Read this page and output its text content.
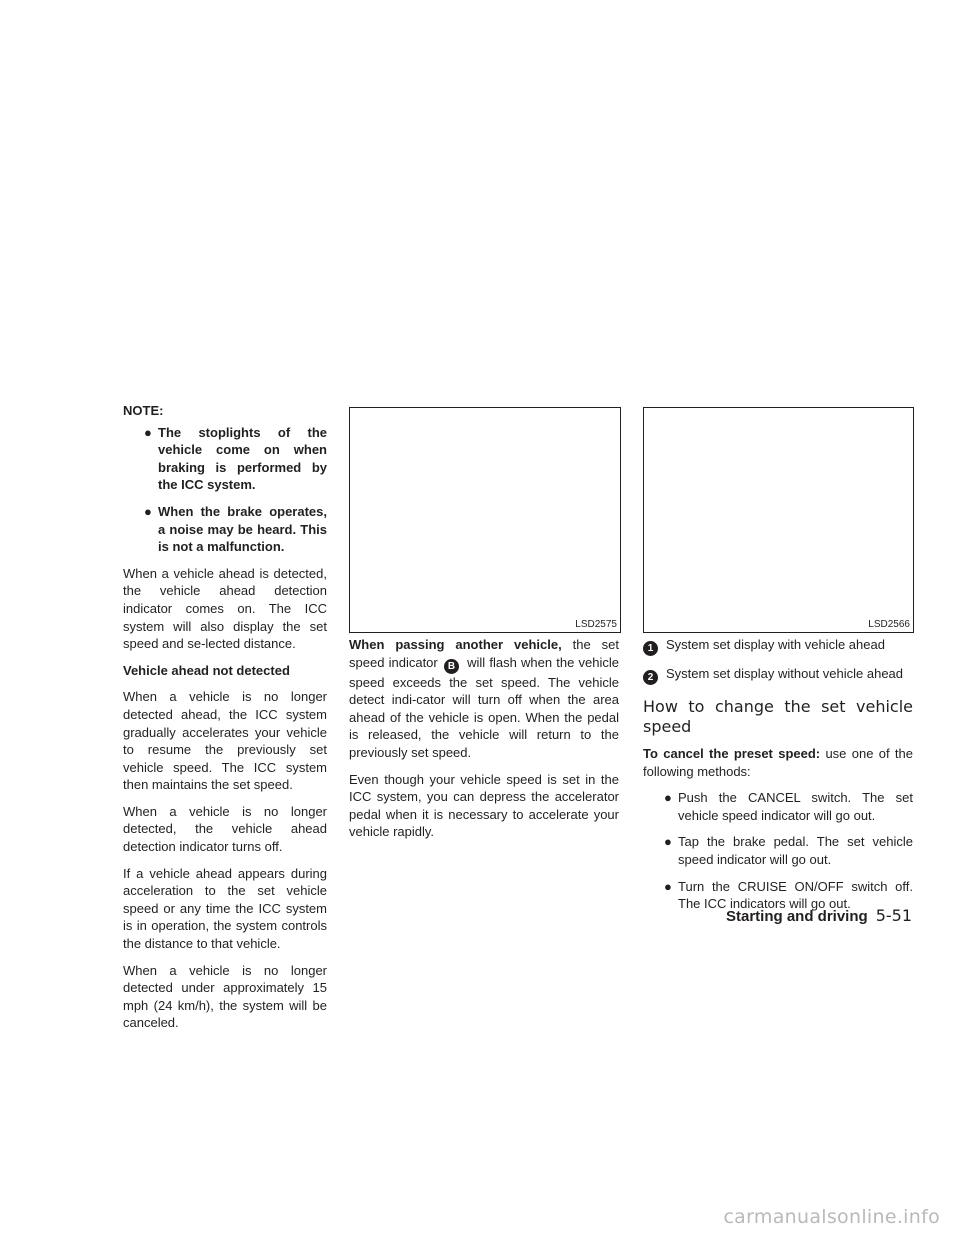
NOTE:

● The stoplights of the vehicle come on when braking is performed by the ICC system.
● When the brake operates, a noise may be heard. This is not a malfunction.

When a vehicle ahead is detected, the vehicle ahead detection indicator comes on. The ICC system will also display the set speed and se-lected distance.

Vehicle ahead not detected

When a vehicle is no longer detected ahead, the ICC system gradually accelerates your vehicle to resume the previously set vehicle speed. The ICC system then maintains the set speed.

When a vehicle is no longer detected, the vehicle ahead detection indicator turns off.

If a vehicle ahead appears during acceleration to the set vehicle speed or any time the ICC system is in operation, the system controls the distance to that vehicle.

When a vehicle is no longer detected under approximately 15 mph (24 km/h), the system will be canceled.

LSD2575

When passing another vehicle, the set speed indicator B will flash when the vehicle speed exceeds the set speed. The vehicle detect indi-cator will turn off when the area ahead of the vehicle is open. When the pedal is released, the vehicle will return to the previously set speed.

Even though your vehicle speed is set in the ICC system, you can depress the accelerator pedal when it is necessary to accelerate your vehicle rapidly.

LSD2566
1 System set display with vehicle ahead
2 System set display without vehicle ahead

How to change the set vehicle speed

To cancel the preset speed: use one of the following methods:

● Push the CANCEL switch. The set vehicle speed indicator will go out.
● Tap the brake pedal. The set vehicle speed indicator will go out.
● Turn the CRUISE ON/OFF switch off. The ICC indicators will go out.
Starting and driving 5-51
carmanualsonline.info
